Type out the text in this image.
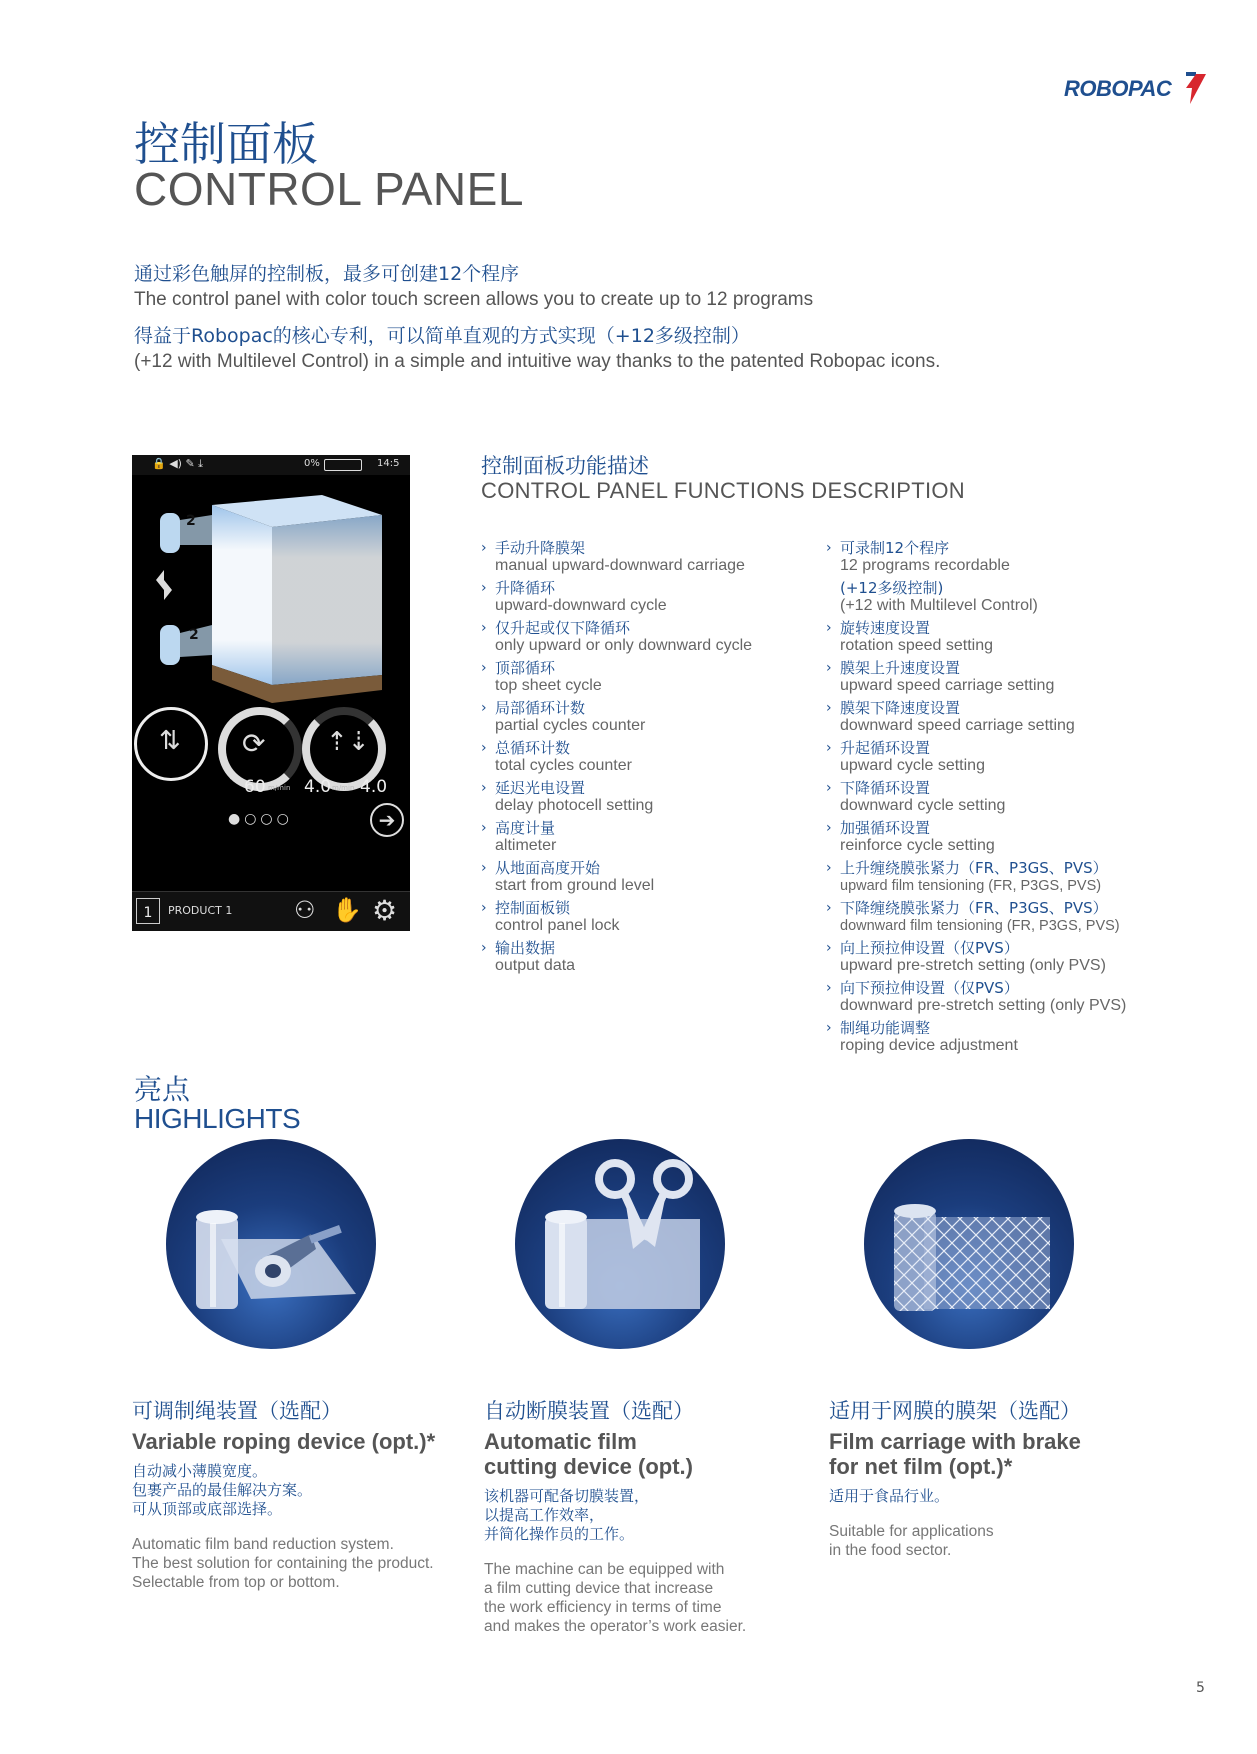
ROBOPAC
控制面板
CONTROL PANEL
通过彩色触屏的控制板，最多可创建12个程序
The control panel with color touch screen allows you to create up to 12 programs
得益于Robopac的核心专利，可以简单直观的方式实现（+12多级控制）
(+12 with Multilevel Control) in a simple and intuitive way thanks to the patented Robopac icons.
🔒 ◀) ✎ ⤓	0%	14:5
2
2
⇅ ⟳ ⇡⇣
60 m/min 4.0 m/min 4.0
●○○○	➔
1	PRODUCT 1	⚇ ✋ ⚙
控制面板功能描述
CONTROL PANEL FUNCTIONS DESCRIPTION
› 手动升降膜架
manual upward-downward carriage
› 升降循环
upward-downward cycle
› 仅升起或仅下降循环
only upward or only downward cycle
› 顶部循环
top sheet cycle
› 局部循环计数
partial cycles counter
› 总循环计数
total cycles counter
› 延迟光电设置
delay photocell setting
› 高度计量
altimeter
› 从地面高度开始
start from ground level
› 控制面板锁
control panel lock
› 输出数据
output data
› 可录制12个程序
12 programs recordable
(+12多级控制)
(+12 with Multilevel Control)
› 旋转速度设置
rotation speed setting
› 膜架上升速度设置
upward speed carriage setting
› 膜架下降速度设置
downward speed carriage setting
› 升起循环设置
upward cycle setting
› 下降循环设置
downward cycle setting
› 加强循环设置
reinforce cycle setting
› 上升缠绕膜张紧力（FR、P3GS、PVS）
upward film tensioning (FR, P3GS, PVS)
› 下降缠绕膜张紧力（FR、P3GS、PVS）
downward film tensioning (FR, P3GS, PVS)
› 向上预拉伸设置（仅PVS）
upward pre-stretch setting (only PVS)
› 向下预拉伸设置（仅PVS）
downward pre-stretch setting (only PVS)
› 制绳功能调整
roping device adjustment
亮点
HIGHLIGHTS
可调制绳装置（选配）
Variable roping device (opt.)*
自动减小薄膜宽度。
包裹产品的最佳解决方案。
可从顶部或底部选择。
Automatic film band reduction system.
The best solution for containing the product.
Selectable from top or bottom.
自动断膜装置（选配）
Automatic film
cutting device (opt.)
该机器可配备切膜装置，
以提高工作效率，
并简化操作员的工作。
The machine can be equipped with
a film cutting device that increase
the work efficiency in terms of time
and makes the operator’s work easier.
适用于网膜的膜架（选配）
Film carriage with brake
for net film (opt.)*
适用于食品行业。
Suitable for applications
in the food sector.
5
